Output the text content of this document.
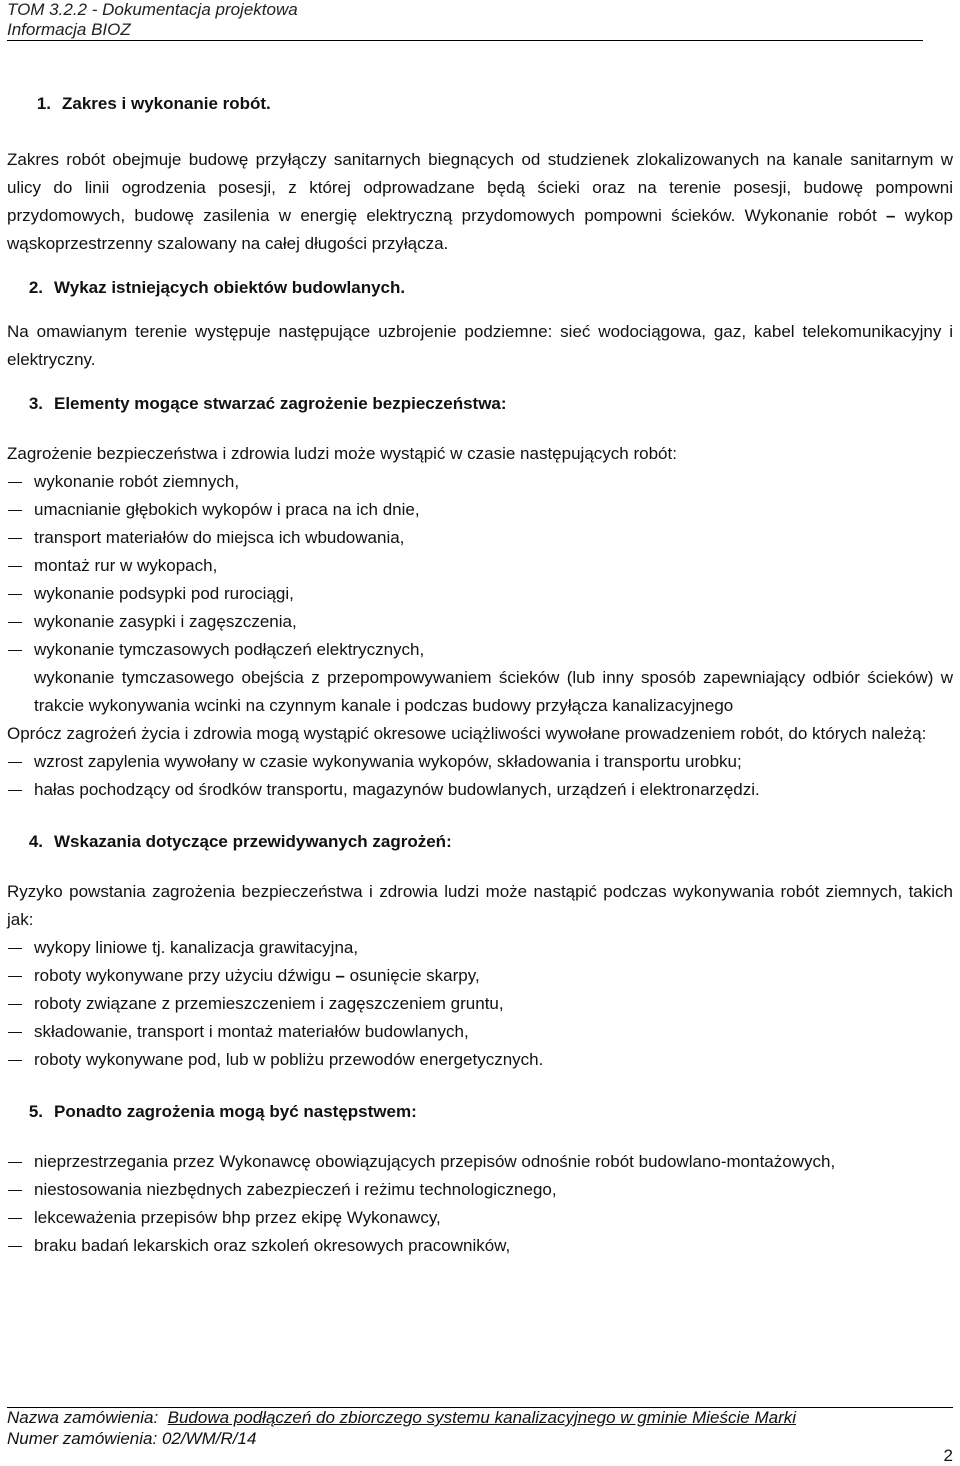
TOM 3.2.2 - Dokumentacja projektowa
Informacja BIOZ
1. Zakres i wykonanie robót.

Zakres robót obejmuje budowę przyłączy sanitarnych biegnących od studzienek zlokalizowanych na kanale sanitarnym w ulicy do linii ogrodzenia posesji, z której odprowadzane będą ścieki oraz na terenie posesji, budowę pompowni przydomowych, budowę zasilenia w energię elektryczną przydomowych pompowni ścieków. Wykonanie robót – wykop wąskoprzestrzenny szalowany na całej długości przyłącza.

2. Wykaz istniejących obiektów budowlanych.

Na omawianym terenie występuje następujące uzbrojenie podziemne: sieć wodociągowa, gaz, kabel telekomunikacyjny i elektryczny.

3. Elementy mogące stwarzać zagrożenie bezpieczeństwa:

Zagrożenie bezpieczeństwa i zdrowia ludzi może wystąpić w czasie następujących robót:

wykonanie robót ziemnych,
umacnianie głębokich wykopów i praca na ich dnie,
transport materiałów do miejsca ich wbudowania,
montaż rur w wykopach,
wykonanie podsypki pod rurociągi,
wykonanie zasypki i zagęszczenia,
wykonanie tymczasowych podłączeń elektrycznych,
wykonanie tymczasowego obejścia z przepompowywaniem ścieków (lub inny sposób zapewniający odbiór ścieków) w trakcie wykonywania wcinki na czynnym kanale i podczas budowy przyłącza kanalizacyjnego

Oprócz zagrożeń życia i zdrowia mogą wystąpić okresowe uciążliwości wywołane prowadzeniem robót, do których należą:

wzrost zapylenia wywołany w czasie wykonywania wykopów, składowania i transportu urobku;
hałas pochodzący od środków transportu, magazynów budowlanych, urządzeń i elektronarzędzi.
4. Wskazania dotyczące przewidywanych zagrożeń:

Ryzyko powstania zagrożenia bezpieczeństwa i zdrowia ludzi może nastąpić podczas wykonywania robót ziemnych, takich jak:

wykopy liniowe tj. kanalizacja grawitacyjna,
roboty wykonywane przy użyciu dźwigu – osunięcie skarpy,
roboty związane z przemieszczeniem i zagęszczeniem gruntu,
składowanie, transport i montaż materiałów budowlanych,
roboty wykonywane pod, lub w pobliżu przewodów energetycznych.
5. Ponadto zagrożenia mogą być następstwem:
nieprzestrzegania przez Wykonawcę obowiązujących przepisów odnośnie robót budowlano-montażowych,
niestosowania niezbędnych zabezpieczeń i reżimu technologicznego,
lekceważenia przepisów bhp przez ekipę Wykonawcy,
braku badań lekarskich oraz szkoleń okresowych pracowników,
Nazwa zamówienia: Budowa podłączeń do zbiorczego systemu kanalizacyjnego w gminie Mieście Marki
Numer zamówienia: 02/WM/R/14
2
